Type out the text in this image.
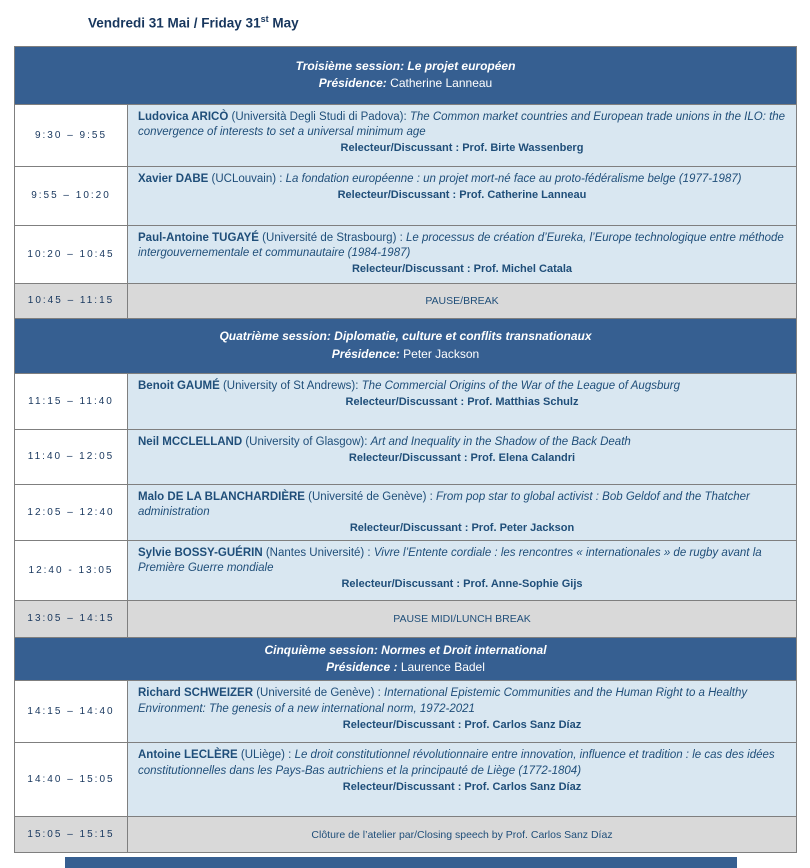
Vendredi 31 Mai / Friday 31st May
Troisième session: Le projet européen
Présidence: Catherine Lanneau
9:30 – 9:55
Ludovica ARICÒ (Università Degli Studi di Padova): The Common market countries and European trade unions in the ILO: the convergence of interests to set a universal minimum age
Relecteur/Discussant : Prof. Birte Wassenberg
9:55 – 10:20
Xavier DABE (UCLouvain) : La fondation européenne : un projet mort-né face au proto-fédéralisme belge (1977-1987)
Relecteur/Discussant : Prof. Catherine Lanneau
10:20 – 10:45
Paul-Antoine TUGAYÉ (Université de Strasbourg) : Le processus de création d’Eureka, l’Europe technologique entre méthode intergouvernementale et communautaire (1984-1987)
Relecteur/Discussant : Prof. Michel Catala
10:45 – 11:15	PAUSE/BREAK
Quatrième session: Diplomatie, culture et conflits transnationaux
Présidence: Peter Jackson
11:15 – 11:40
Benoit GAUMÉ (University of St Andrews): The Commercial Origins of the War of the League of Augsburg
Relecteur/Discussant : Prof. Matthias Schulz
11:40 – 12:05
Neil MCCLELLAND (University of Glasgow): Art and Inequality in the Shadow of the Back Death
Relecteur/Discussant : Prof. Elena Calandri
12:05 – 12:40
Malo DE LA BLANCHARDIÈRE (Université de Genève) : From pop star to global activist : Bob Geldof and the Thatcher administration
Relecteur/Discussant : Prof. Peter Jackson
12:40 - 13:05
Sylvie BOSSY-GUÉRIN (Nantes Université) : Vivre l’Entente cordiale : les rencontres « internationales » de rugby avant la Première Guerre mondiale
Relecteur/Discussant : Prof. Anne-Sophie Gijs
13:05 – 14:15	PAUSE MIDI/LUNCH BREAK
Cinquième session: Normes et Droit international
Présidence : Laurence Badel
14:15 – 14:40
Richard SCHWEIZER (Université de Genève) : International Epistemic Communities and the Human Right to a Healthy Environment: The genesis of a new international norm, 1972-2021
Relecteur/Discussant : Prof. Carlos Sanz Díaz
14:40 – 15:05
Antoine LECLÈRE (ULiège) : Le droit constitutionnel révolutionnaire entre innovation, influence et tradition : le cas des idées constitutionnelles dans les Pays-Bas autrichiens et la principauté de Liège (1772-1804)
Relecteur/Discussant : Prof. Carlos Sanz Díaz
15:05 – 15:15	Clôture de l’atelier par/Closing speech by Prof. Carlos Sanz Díaz
